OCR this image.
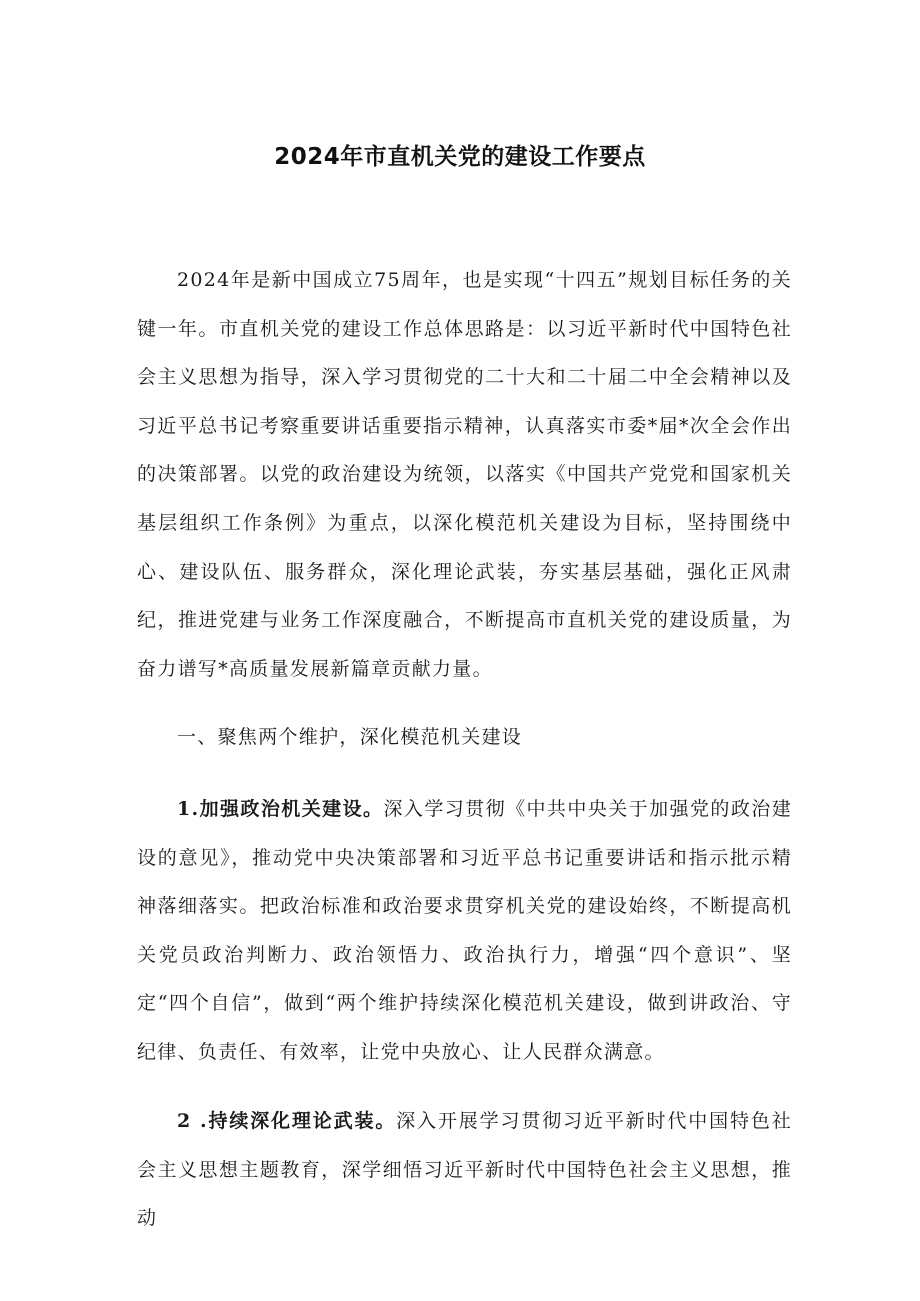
2024年市直机关党的建设工作要点

2024年是新中国成立75周年，也是实现“十四五”规划目标任务的关键一年。市直机关党的建设工作总体思路是：以习近平新时代中国特色社会主义思想为指导，深入学习贯彻党的二十大和二十届二中全会精神以及习近平总书记考察重要讲话重要指示精神，认真落实市委*届*次全会作出的决策部署。以党的政治建设为统领，以落实《中国共产党党和国家机关基层组织工作条例》为重点，以深化模范机关建设为目标，坚持围绕中心、建设队伍、服务群众，深化理论武装，夯实基层基础，强化正风肃纪，推进党建与业务工作深度融合，不断提高市直机关党的建设质量，为奋力谱写*高质量发展新篇章贡献力量。

一、聚焦两个维护，深化模范机关建设

1.加强政治机关建设。深入学习贯彻《中共中央关于加强党的政治建设的意见》，推动党中央决策部署和习近平总书记重要讲话和指示批示精神落细落实。把政治标准和政治要求贯穿机关党的建设始终，不断提高机关党员政治判断力、政治领悟力、政治执行力，增强“四个意识”、坚定“四个自信”，做到“两个维护持续深化模范机关建设，做到讲政治、守纪律、负责任、有效率，让党中央放心、让人民群众满意。

2 .持续深化理论武装。深入开展学习贯彻习近平新时代中国特色社会主义思想主题教育，深学细悟习近平新时代中国特色社会主义思想，推动
